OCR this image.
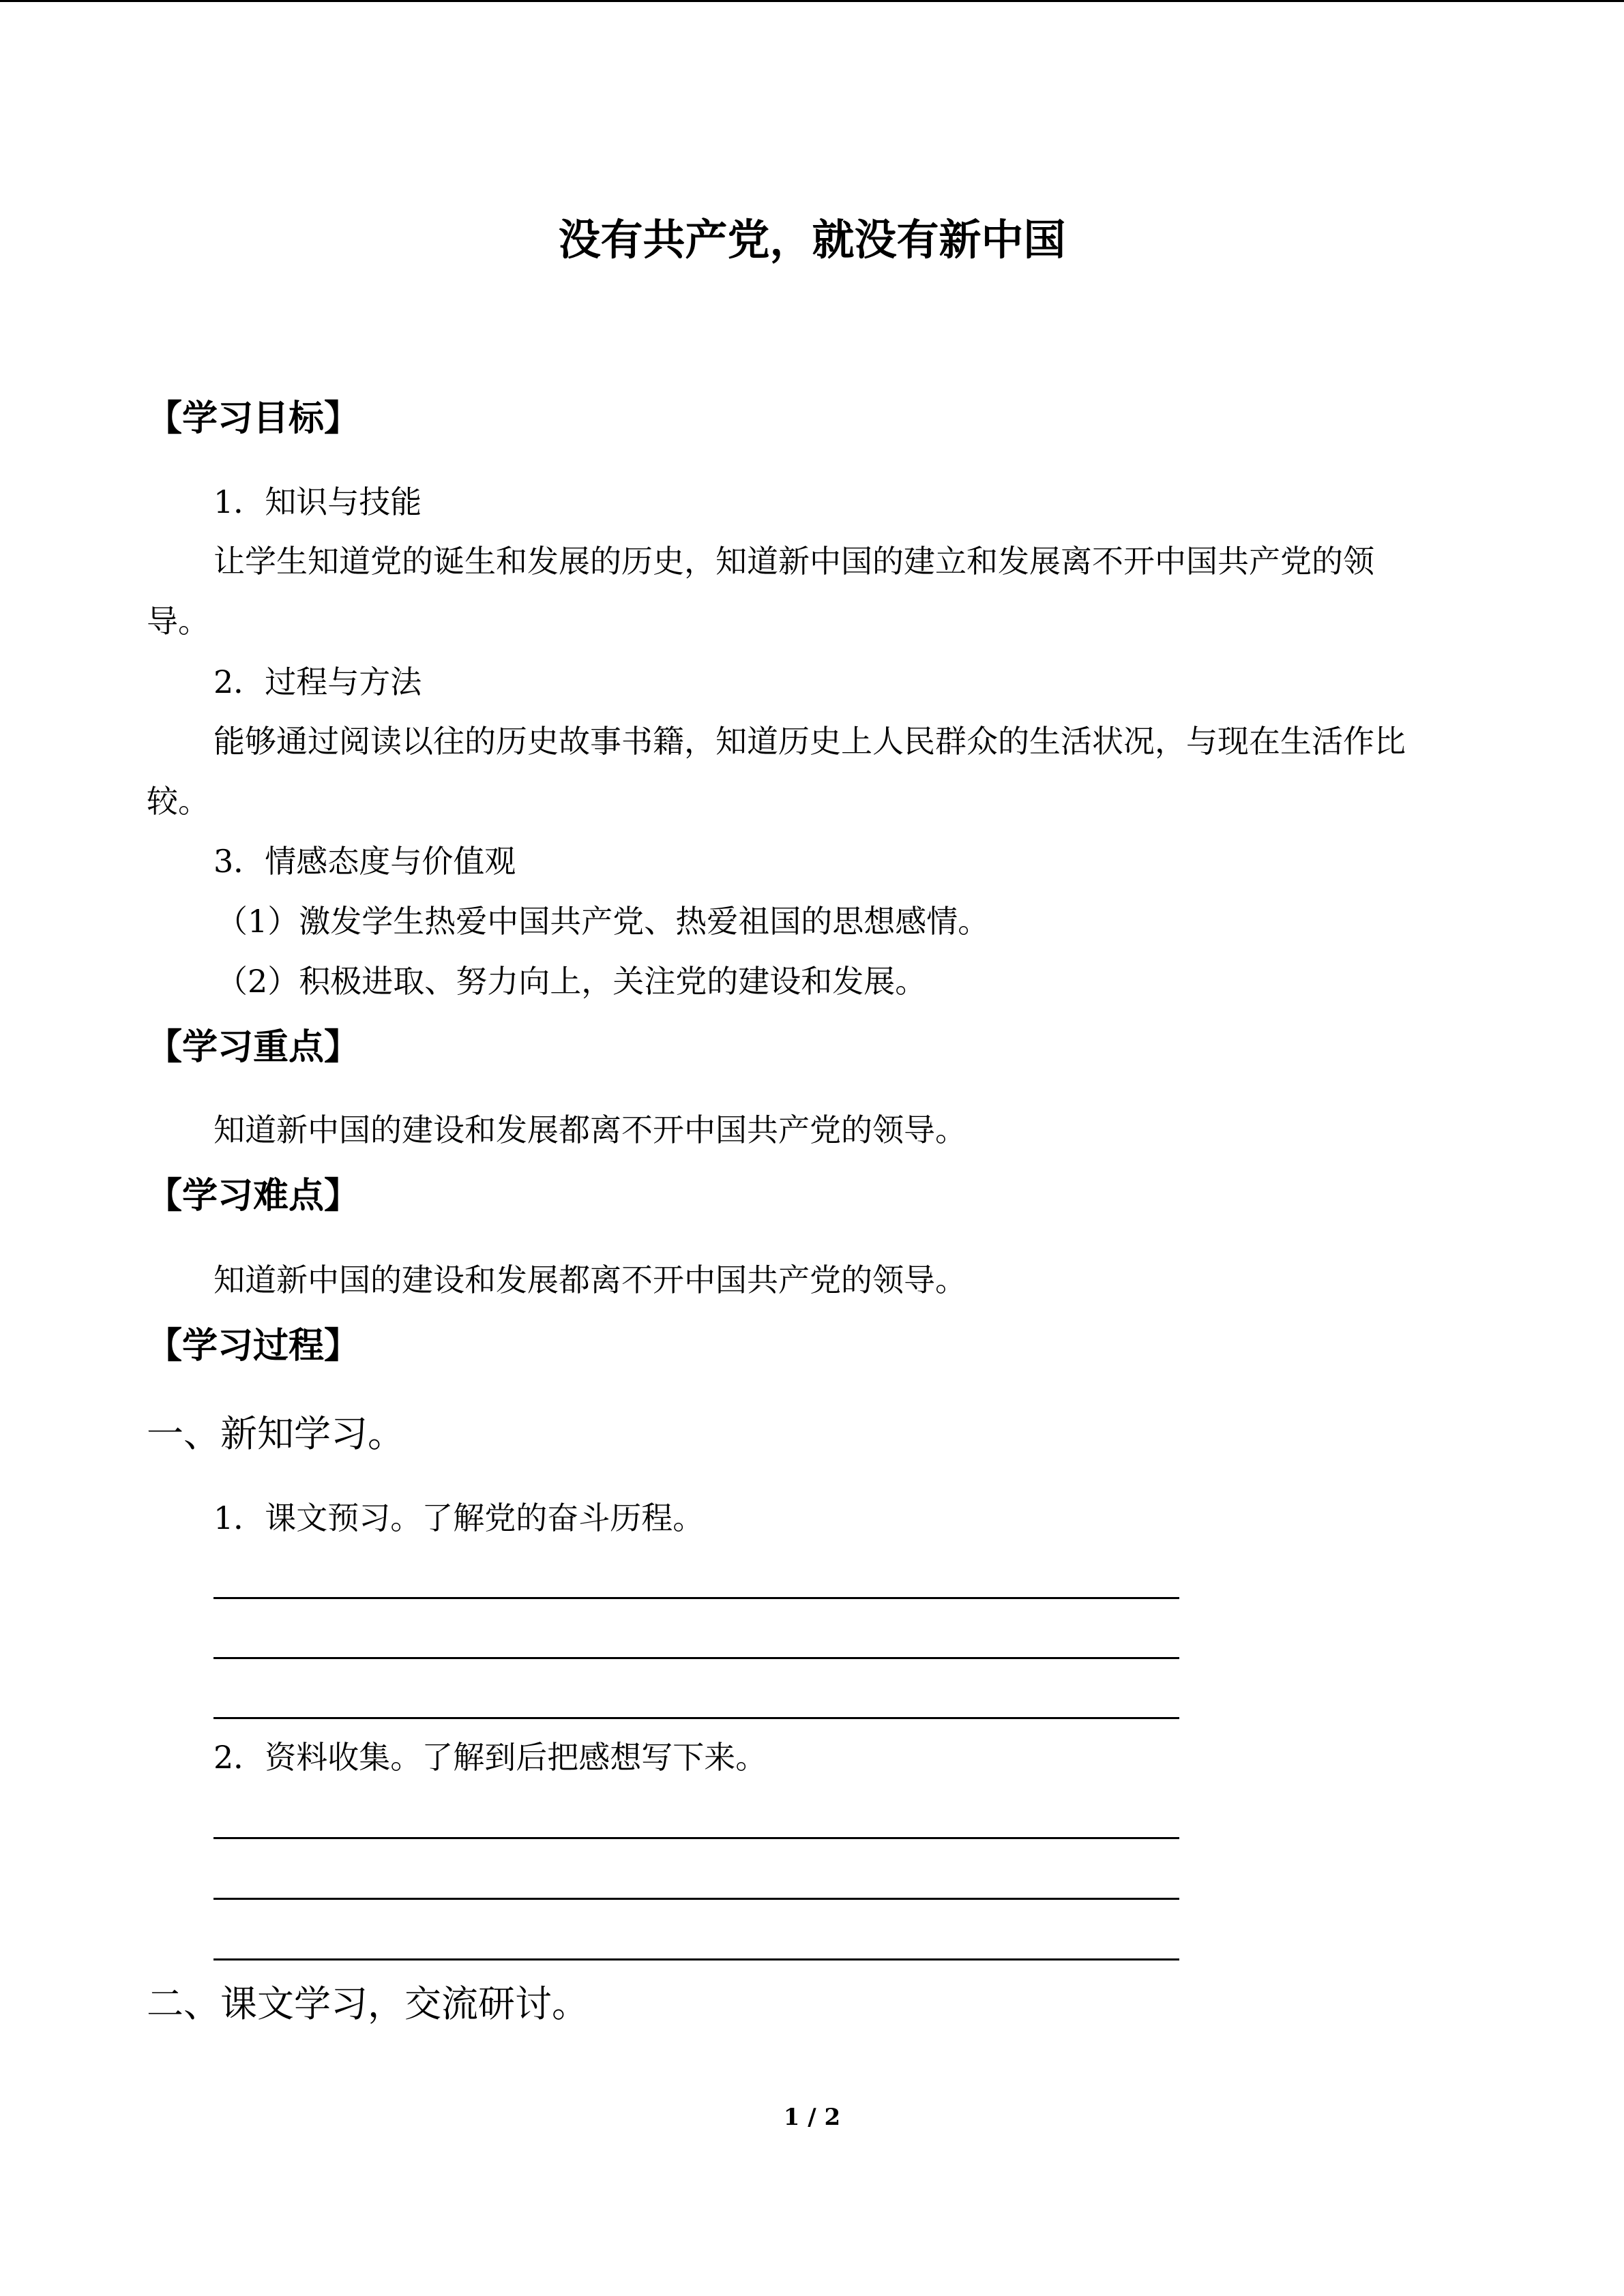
没有共产党，就没有新中国
【学习目标】
1．知识与技能
让学生知道党的诞生和发展的历史，知道新中国的建立和发展离不开中国共产党的领
导。
2．过程与方法
能够通过阅读以往的历史故事书籍，知道历史上人民群众的生活状况，与现在生活作比
较。
3．情感态度与价值观
（1）激发学生热爱中国共产党、热爱祖国的思想感情。
（2）积极进取、努力向上，关注党的建设和发展。
【学习重点】
知道新中国的建设和发展都离不开中国共产党的领导。
【学习难点】
知道新中国的建设和发展都离不开中国共产党的领导。
【学习过程】
一、新知学习。
1．课文预习。了解党的奋斗历程。
2．资料收集。了解到后把感想写下来。
二、课文学习，交流研讨。
1 / 2
